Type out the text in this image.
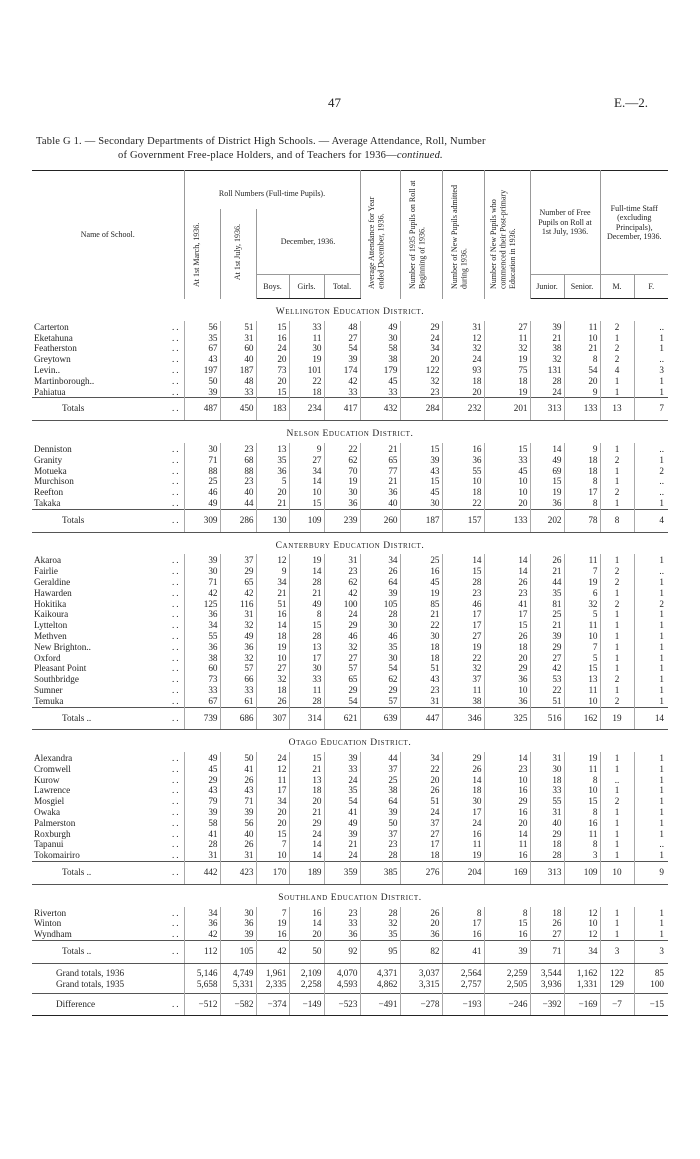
47	E.—2.
Table G 1. — Secondary Departments of District High Schools. — Average Attendance, Roll, Number
of Government Free-place Holders, and of Teachers for 1936—continued.
Name of School.		Roll Numbers (Full-time Pupils).					Average Attendance for Year ended December, 1936.	Number of 1935 Pupils on Roll at Beginning of 1936.	Number of New Pupils admitted during 1936.	Number of New Pupils who commenced their Post-primary Education in 1936.	Number of Free Pupils on Roll at 1st July, 1936.		Full-time Staff (excluding Principals), December, 1936.	
		At 1st March, 1936.	At 1st July, 1936.	December, 1936.										
				Boys.	Girls.	Total.					Junior.	Senior.	M.	F.
Wellington Education District.														
Carterton	..	56	51	15	33	48	49	29	31	27	39	11	2	..
Eketahuna	..	35	31	16	11	27	30	24	12	11	21	10	1	1
Featherston	..	67	60	24	30	54	58	34	32	32	38	21	2	1
Greytown	..	43	40	20	19	39	38	20	24	19	32	8	2	..
Levin..	..	197	187	73	101	174	179	122	93	75	131	54	4	3
Martinborough..	..	50	48	20	22	42	45	32	18	18	28	20	1	1
Pahiatua	..	39	33	15	18	33	33	23	20	19	24	9	1	1
Totals	..	487	450	183	234	417	432	284	232	201	313	133	13	7
Nelson Education District.														
Denniston	..	30	23	13	9	22	21	15	16	15	14	9	1	..
Granity	..	71	68	35	27	62	65	39	36	33	49	18	2	1
Motueka	..	88	88	36	34	70	77	43	55	45	69	18	1	2
Murchison	..	25	23	5	14	19	21	15	10	10	15	8	1	..
Reefton	..	46	40	20	10	30	36	45	18	10	19	17	2	..
Takaka	..	49	44	21	15	36	40	30	22	20	36	8	1	1
Totals	..	309	286	130	109	239	260	187	157	133	202	78	8	4
Canterbury Education District.														
Akaroa	..	39	37	12	19	31	34	25	14	14	26	11	1	1
Fairlie	..	30	29	9	14	23	26	16	15	14	21	7	2	..
Geraldine	..	71	65	34	28	62	64	45	28	26	44	19	2	1
Hawarden	..	42	42	21	21	42	39	19	23	23	35	6	1	1
Hokitika	..	125	116	51	49	100	105	85	46	41	81	32	2	2
Kaikoura	..	36	31	16	8	24	28	21	17	17	25	5	1	1
Lyttelton	..	34	32	14	15	29	30	22	17	15	21	11	1	1
Methven	..	55	49	18	28	46	46	30	27	26	39	10	1	1
New Brighton..	..	36	36	19	13	32	35	18	19	18	29	7	1	1
Oxford	..	38	32	10	17	27	30	18	22	20	27	5	1	1
Pleasant Point	..	60	57	27	30	57	54	51	32	29	42	15	1	1
Southbridge	..	73	66	32	33	65	62	43	37	36	53	13	2	1
Sumner	..	33	33	18	11	29	29	23	11	10	22	11	1	1
Temuka	..	67	61	26	28	54	57	31	38	36	51	10	2	1
Totals ..	..	739	686	307	314	621	639	447	346	325	516	162	19	14
Otago Education District.														
Alexandra	..	49	50	24	15	39	44	34	29	14	31	19	1	1
Cromwell	..	45	41	12	21	33	37	22	26	23	30	11	1	1
Kurow	..	29	26	11	13	24	25	20	14	10	18	8	..	1
Lawrence	..	43	43	17	18	35	38	26	18	16	33	10	1	1
Mosgiel	..	79	71	34	20	54	64	51	30	29	55	15	2	1
Owaka	..	39	39	20	21	41	39	24	17	16	31	8	1	1
Palmerston	..	58	56	20	29	49	50	37	24	20	40	16	1	1
Roxburgh	..	41	40	15	24	39	37	27	16	14	29	11	1	1
Tapanui	..	28	26	7	14	21	23	17	11	11	18	8	1	..
Tokomairiro	..	31	31	10	14	24	28	18	19	16	28	3	1	1
Totals ..	..	442	423	170	189	359	385	276	204	169	313	109	10	9
Southland Education District.														
Riverton	..	34	30	7	16	23	28	26	8	8	18	12	1	1
Winton	..	36	36	19	14	33	32	20	17	15	26	10	1	1
Wyndham	..	42	39	16	20	36	35	36	16	16	27	12	1	1
Totals ..	..	112	105	42	50	92	95	82	41	39	71	34	3	3
Grand totals, 1936		5,146	4,749	1,961	2,109	4,070	4,371	3,037	2,564	2,259	3,544	1,162	122	85
Grand totals, 1935		5,658	5,331	2,335	2,258	4,593	4,862	3,315	2,757	2,505	3,936	1,331	129	100
Difference	..	−512	−582	−374	−149	−523	−491	−278	−193	−246	−392	−169	−7	−15
